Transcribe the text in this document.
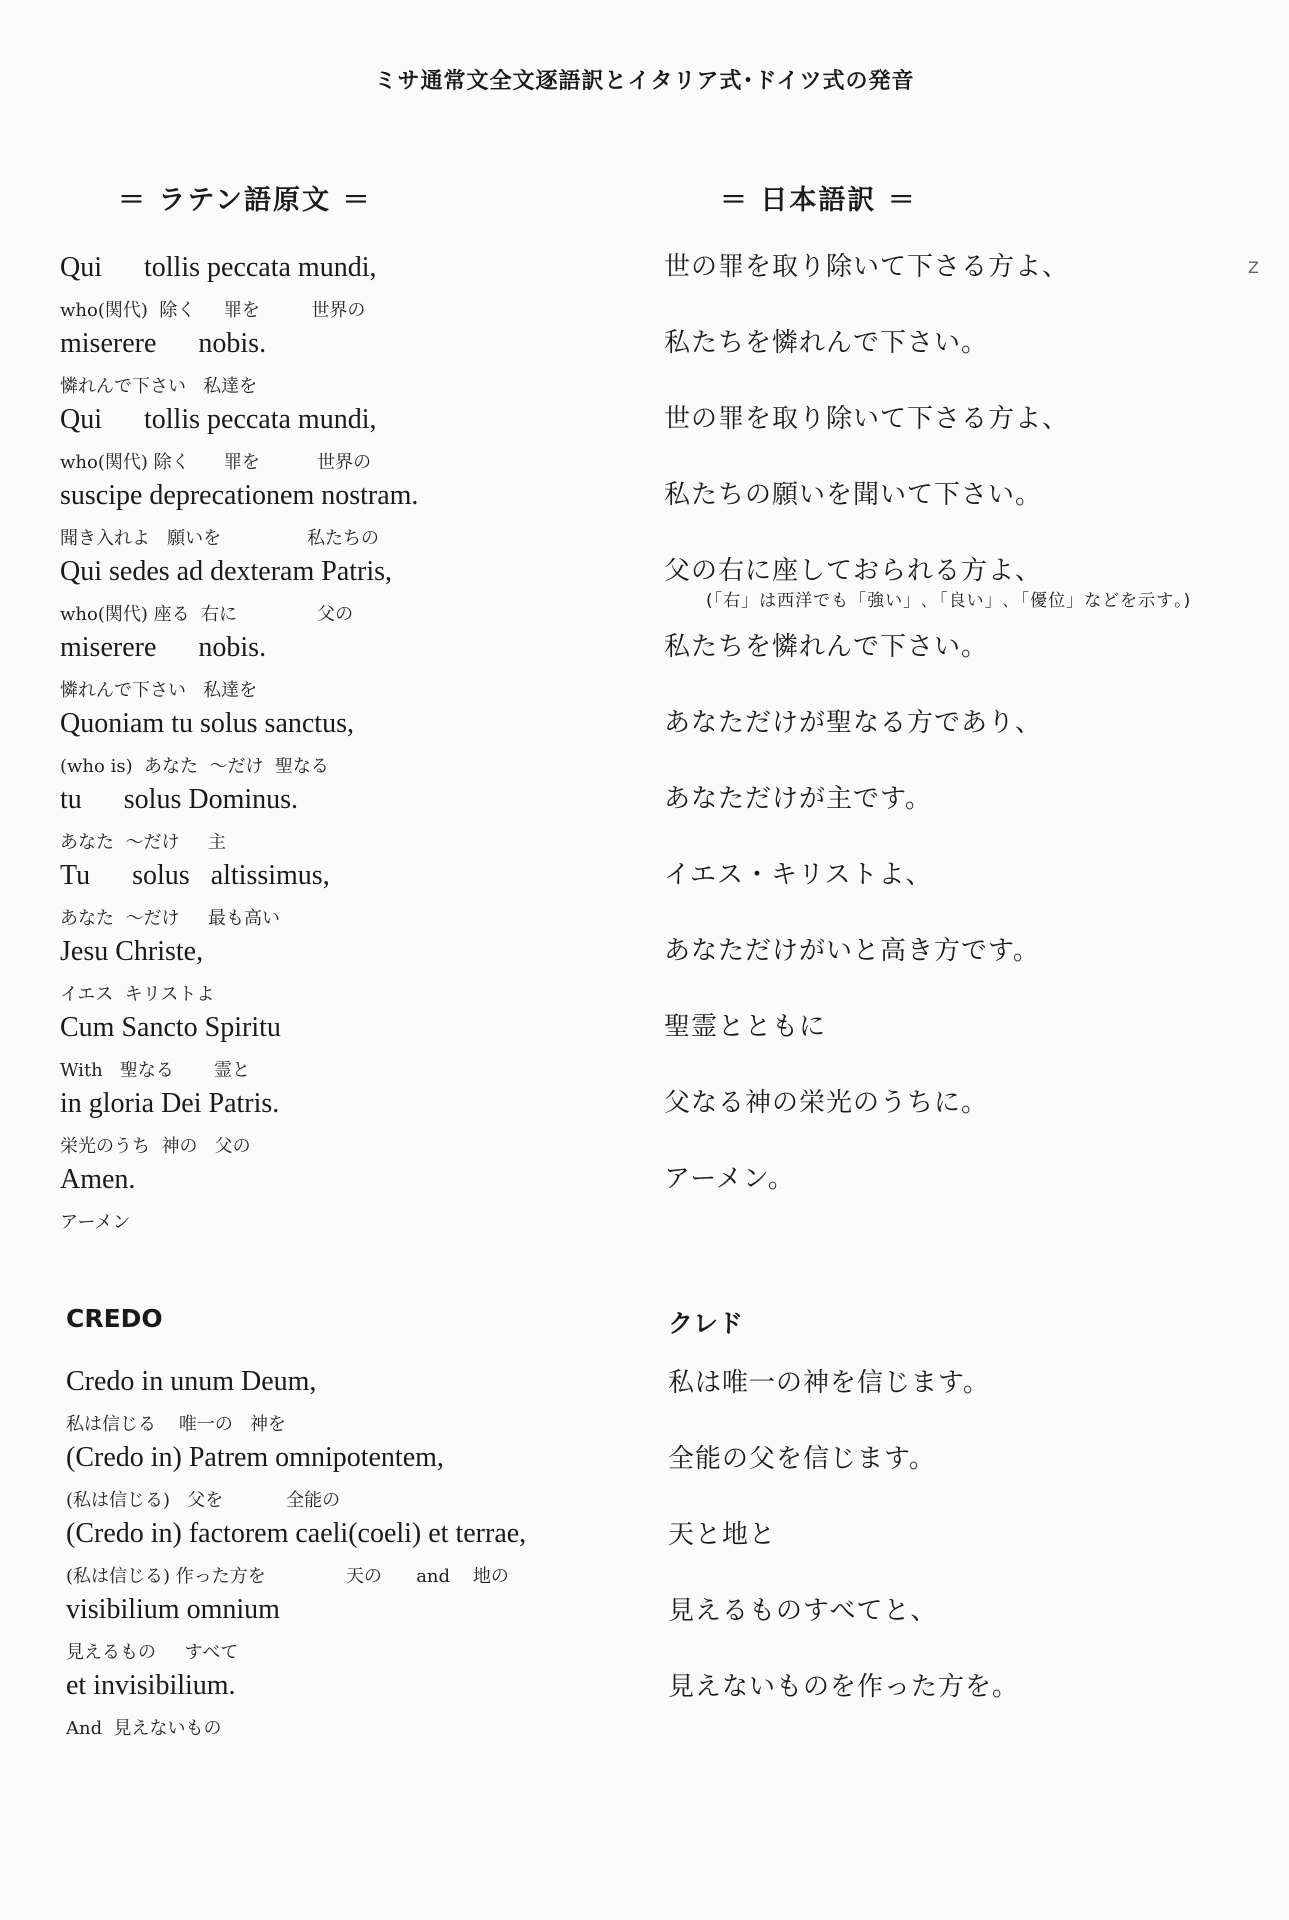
ミサ通常文全文逐語訳とイタリア式･ドイツ式の発音
＝ ラテン語原文 ＝	＝ 日本語訳 ＝
Z
Qui      tollis peccata mundi,
who(関代)  除く     罪を         世界の
miserere      nobis.
憐れんで下さい   私達を
Qui      tollis peccata mundi,
who(関代) 除く      罪を          世界の
suscipe deprecationem nostram.
聞き入れよ   願いを               私たちの
Qui sedes ad dexteram Patris,
who(関代) 座る  右に              父の
miserere      nobis.
憐れんで下さい   私達を
Quoniam tu solus sanctus,
(who is)  あなた  ～だけ  聖なる
tu      solus Dominus.
あなた  ～だけ     主
Tu      solus   altissimus,
あなた  ～だけ     最も高い
Jesu Christe,
イエス  キリストよ
Cum Sancto Spiritu
With   聖なる       霊と
in gloria Dei Patris.
栄光のうち  神の   父の
Amen.
アーメン
世の罪を取り除いて下さる方よ、
私たちを憐れんで下さい。
世の罪を取り除いて下さる方よ、
私たちの願いを聞いて下さい。
父の右に座しておられる方よ、
(「右」は西洋でも「強い」､「良い」､「優位」などを示す｡)
私たちを憐れんで下さい。
あなただけが聖なる方であり、
あなただけが主です。
イエス・キリストよ、
あなただけがいと高き方です。
聖霊とともに
父なる神の栄光のうちに。
アーメン。
CREDO	クレド
Credo in unum Deum,
私は信じる    唯一の   神を
(Credo in) Patrem omnipotentem,
(私は信じる)   父を           全能の
(Credo in) factorem caeli(coeli) et terrae,
(私は信じる) 作った方を              天の      and    地の
visibilium omnium
見えるもの     すべて
et invisibilium.
And  見えないもの
私は唯一の神を信じます。
全能の父を信じます。
天と地と
見えるものすべてと、
見えないものを作った方を。
